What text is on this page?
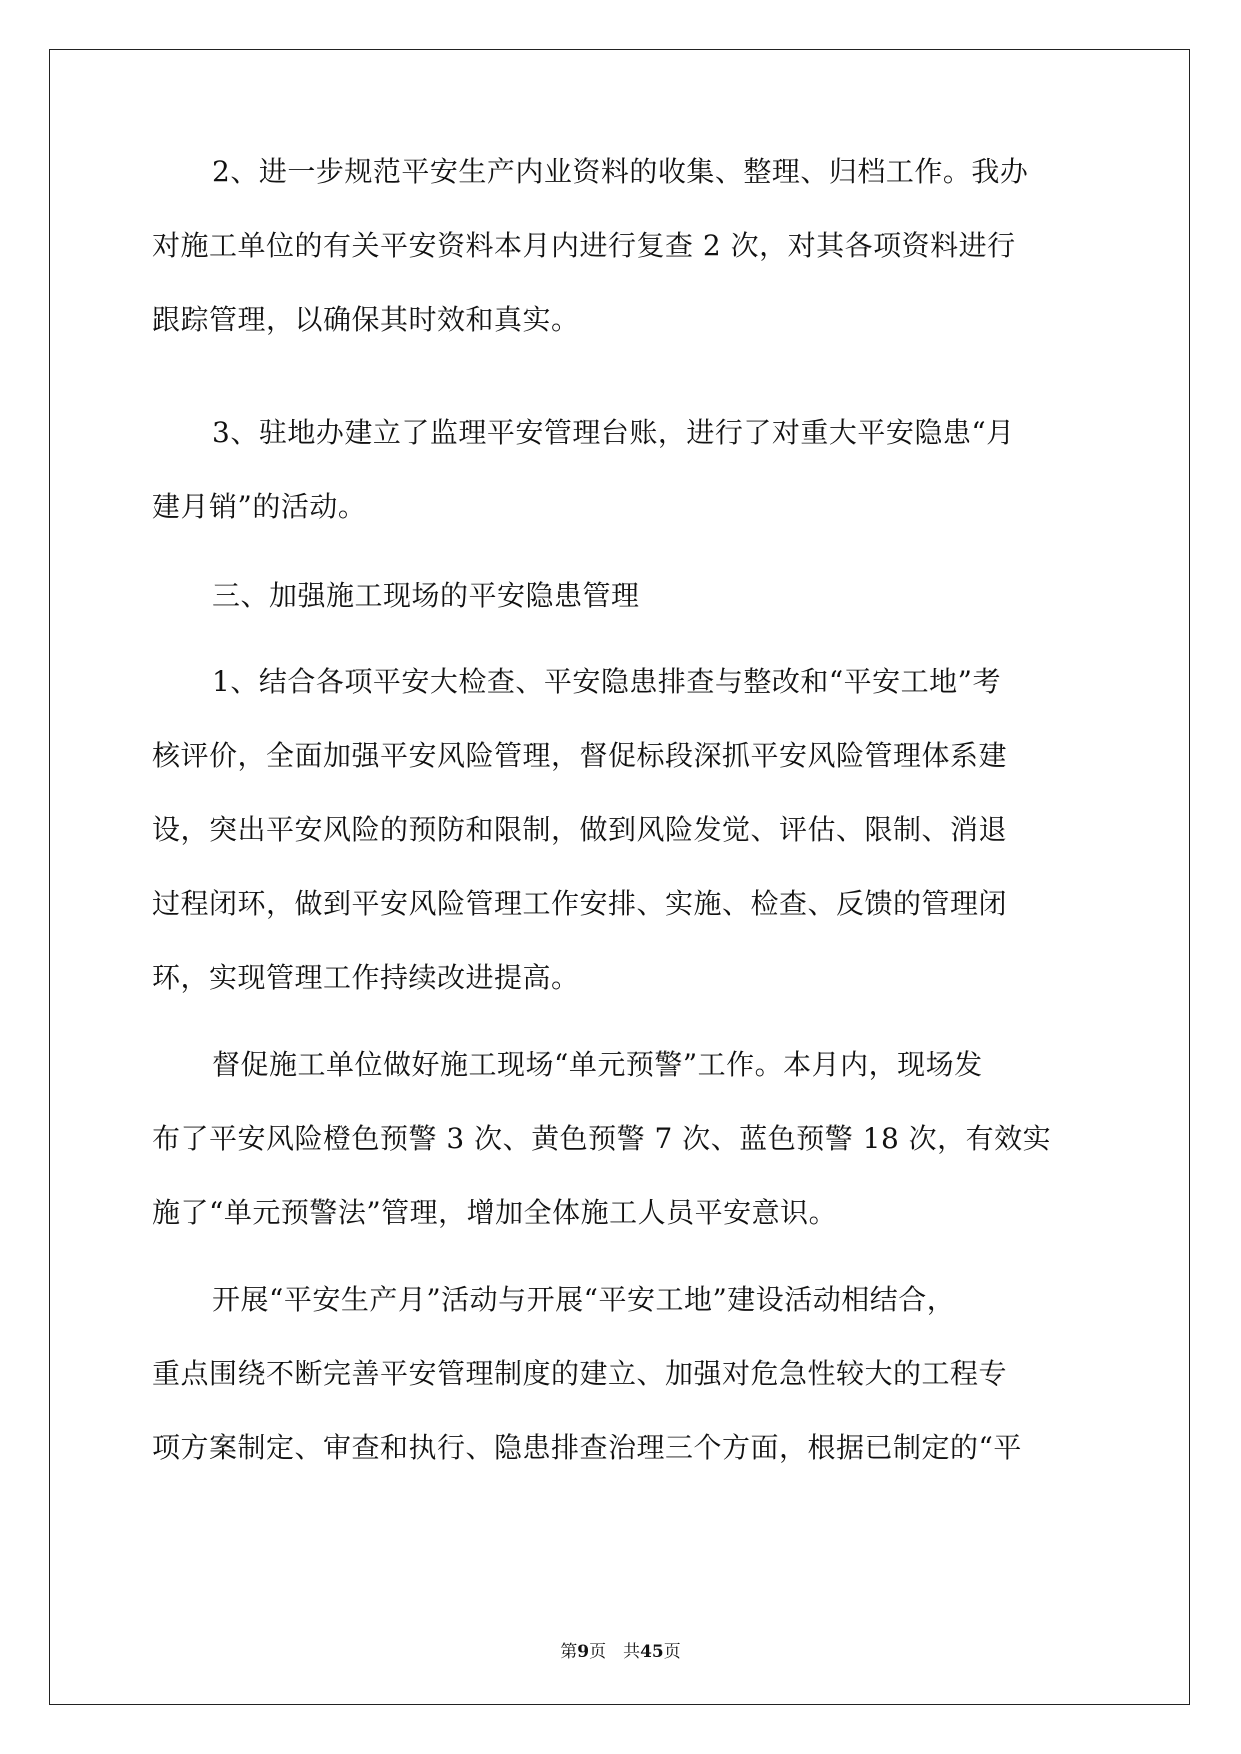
2、进一步规范平安生产内业资料的收集、整理、归档工作。我办

对施工单位的有关平安资料本月内进行复查 2 次，对其各项资料进行

跟踪管理，以确保其时效和真实。

3、驻地办建立了监理平安管理台账，进行了对重大平安隐患“月

建月销”的活动。

三、加强施工现场的平安隐患管理

1、结合各项平安大检查、平安隐患排查与整改和“平安工地”考

核评价，全面加强平安风险管理，督促标段深抓平安风险管理体系建

设，突出平安风险的预防和限制，做到风险发觉、评估、限制、消退

过程闭环，做到平安风险管理工作安排、实施、检查、反馈的管理闭

环，实现管理工作持续改进提高。

督促施工单位做好施工现场“单元预警”工作。本月内，现场发

布了平安风险橙色预警 3 次、黄色预警 7 次、蓝色预警 18 次，有效实

施了“单元预警法”管理，增加全体施工人员平安意识。

开展“平安生产月”活动与开展“平安工地”建设活动相结合，

重点围绕不断完善平安管理制度的建立、加强对危急性较大的工程专

项方案制定、审查和执行、隐患排查治理三个方面，根据已制定的“平

第9页　共45页
